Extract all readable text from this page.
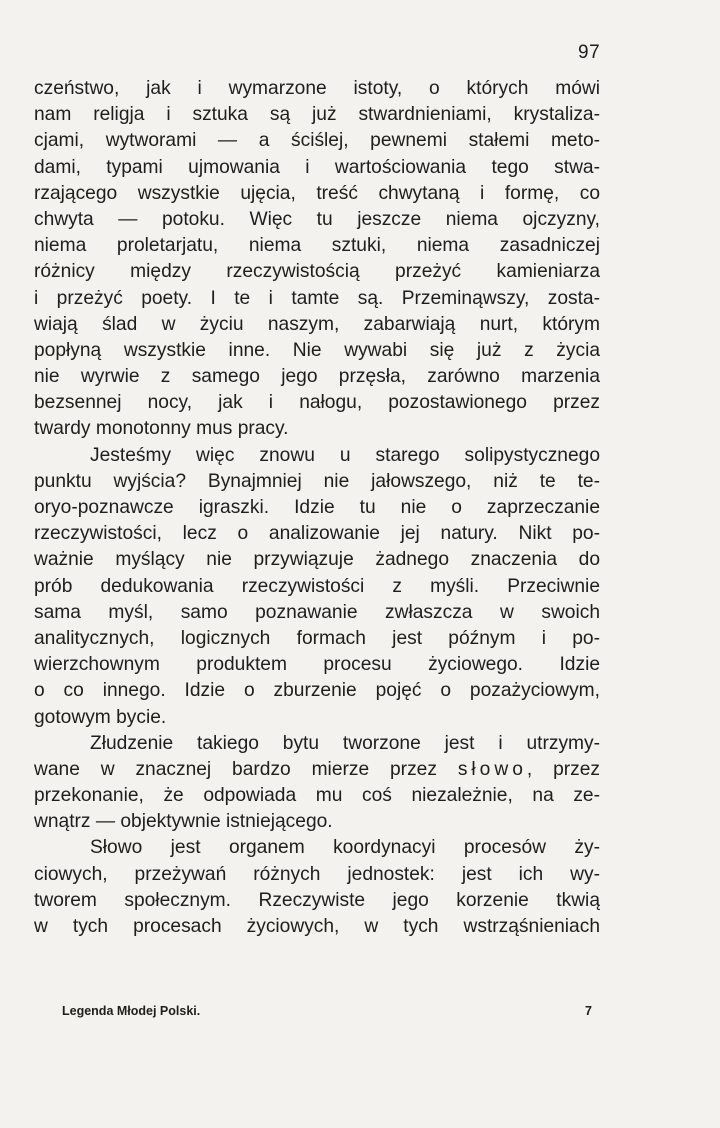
97
czeństwo, jak i wymarzone istoty, o których mówi
nam religja i sztuka są już stwardnieniami, krystaliza-
cjami, wytworami — a ściślej, pewnemi stałemi meto-
dami, typami ujmowania i wartościowania tego stwa-
rzającego wszystkie ujęcia, treść chwytaną i formę, co
chwyta — potoku. Więc tu jeszcze niema ojczyzny,
niema proletarjatu, niema sztuki, niema zasadniczej
różnicy między rzeczywistością przeżyć kamieniarza
i przeżyć poety. I te i tamte są. Przeminąwszy, zosta-
wiają ślad w życiu naszym, zabarwiają nurt, którym
popłyną wszystkie inne. Nie wywabi się już z życia
nie wyrwie z samego jego przęsła, zarówno marzenia
bezsennej nocy, jak i nałogu, pozostawionego przez
twardy monotonny mus pracy.
Jesteśmy więc znowu u starego solipystycznego
punktu wyjścia? Bynajmniej nie jałowszego, niż te te-
oryo-poznawcze igraszki. Idzie tu nie o zaprzeczanie
rzeczywistości, lecz o analizowanie jej natury. Nikt po-
ważnie myślący nie przywiązuje żadnego znaczenia do
prób dedukowania rzeczywistości z myśli. Przeciwnie
sama myśl, samo poznawanie zwłaszcza w swoich
analitycznych, logicznych formach jest późnym i po-
wierzchownym produktem procesu życiowego. Idzie
o co innego. Idzie o zburzenie pojęć o pozażyciowym,
gotowym bycie.
Złudzenie takiego bytu tworzone jest i utrzymy-
wane w znacznej bardzo mierze przez słowo, przez
przekonanie, że odpowiada mu coś niezależnie, na ze-
wnątrz — objektywnie istniejącego.
Słowo jest organem koordynacyi procesów ży-
ciowych, przeżywań różnych jednostek: jest ich wy-
tworem społecznym. Rzeczywiste jego korzenie tkwią
w tych procesach życiowych, w tych wstrząśnieniach
Legenda Młodej Polski.	7
